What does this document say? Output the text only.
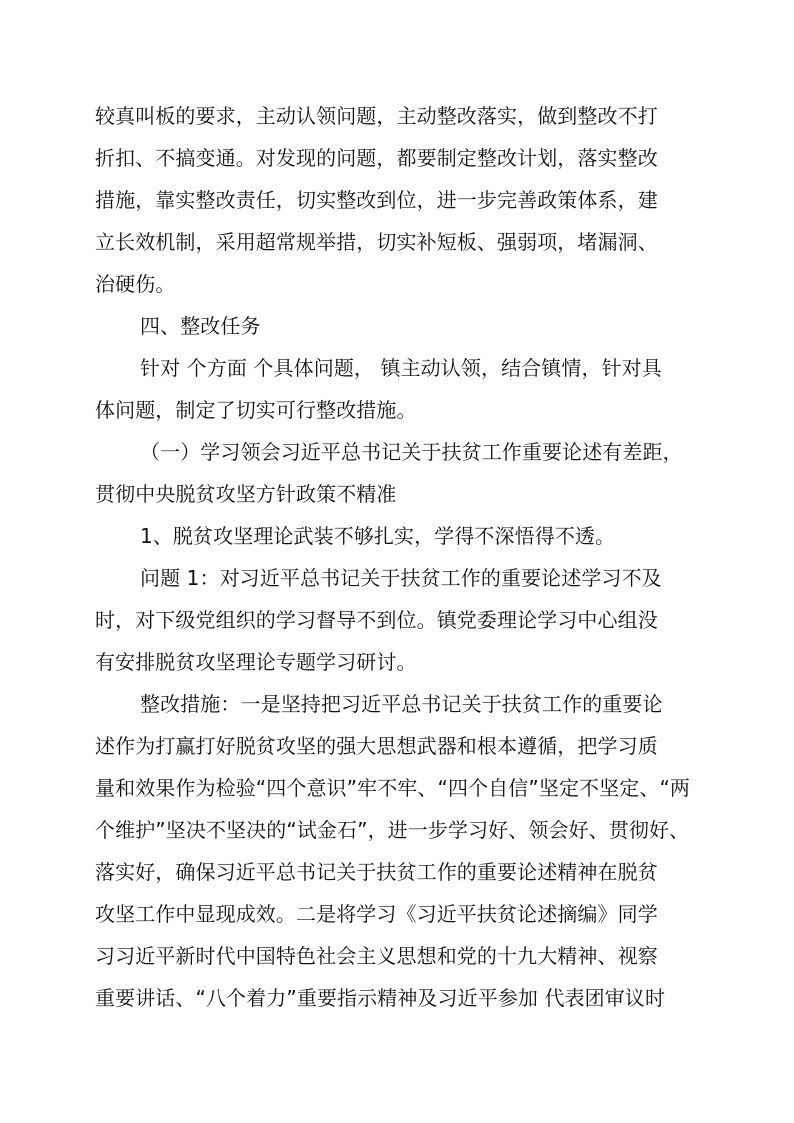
较真叫板的要求，主动认领问题，主动整改落实，做到整改不打
折扣、不搞变通。对发现的问题，都要制定整改计划，落实整改
措施，靠实整改责任，切实整改到位，进一步完善政策体系，建
立长效机制，采用超常规举措，切实补短板、强弱项，堵漏洞、
治硬伤。
四、整改任务
针对 个方面 个具体问题， 镇主动认领，结合镇情，针对具
体问题，制定了切实可行整改措施。
（一）学习领会习近平总书记关于扶贫工作重要论述有差距，
贯彻中央脱贫攻坚方针政策不精准
1、脱贫攻坚理论武装不够扎实，学得不深悟得不透。
问题 1：对习近平总书记关于扶贫工作的重要论述学习不及
时，对下级党组织的学习督导不到位。镇党委理论学习中心组没
有安排脱贫攻坚理论专题学习研讨。
整改措施：一是坚持把习近平总书记关于扶贫工作的重要论
述作为打赢打好脱贫攻坚的强大思想武器和根本遵循，把学习质
量和效果作为检验“四个意识”牢不牢、“四个自信”坚定不坚定、“两
个维护”坚决不坚决的“试金石”，进一步学习好、领会好、贯彻好、
落实好，确保习近平总书记关于扶贫工作的重要论述精神在脱贫
攻坚工作中显现成效。二是将学习《习近平扶贫论述摘编》同学
习习近平新时代中国特色社会主义思想和党的十九大精神、视察
重要讲话、“八个着力”重要指示精神及习近平参加 代表团审议时
